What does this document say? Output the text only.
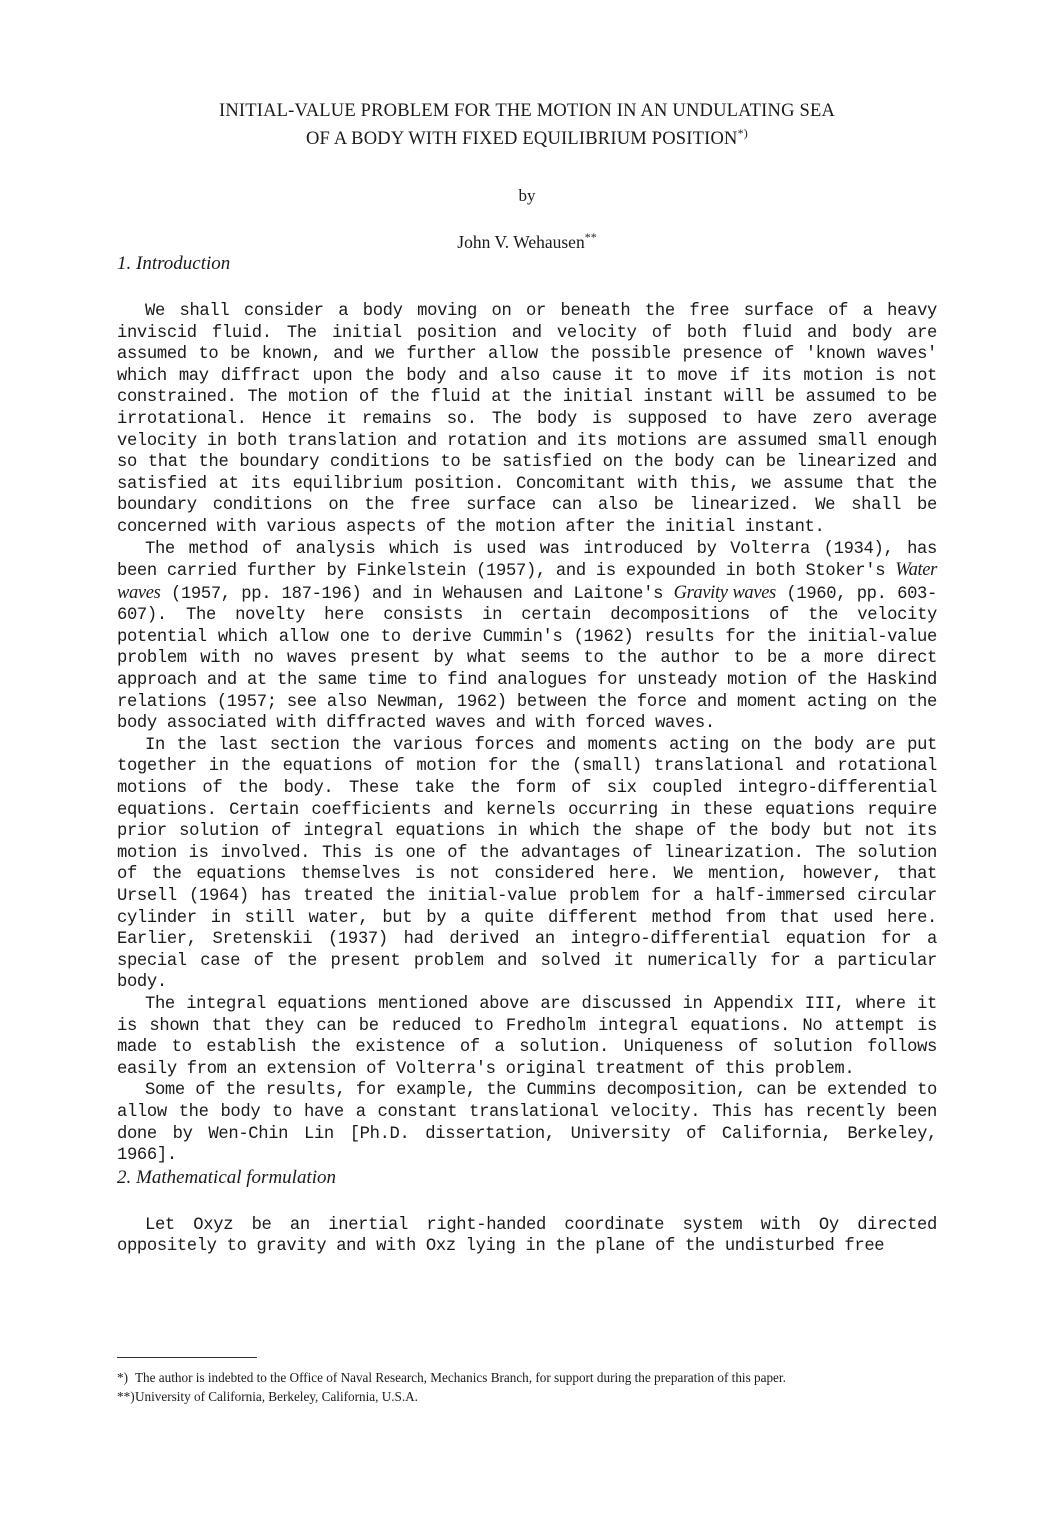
INITIAL-VALUE PROBLEM FOR THE MOTION IN AN UNDULATING SEA
OF A BODY WITH FIXED EQUILIBRIUM POSITION*)
by
John V. Wehausen**
1. Introduction

We shall consider a body moving on or beneath the free surface of a heavy inviscid fluid. The initial position and velocity of both fluid and body are assumed to be known, and we further allow the possible presence of 'known waves' which may diffract upon the body and also cause it to move if its motion is not constrained. The motion of the fluid at the initial instant will be assumed to be irrotational. Hence it remains so. The body is supposed to have zero average velocity in both translation and rotation and its motions are assumed small enough so that the boundary conditions to be satisfied on the body can be linearized and satisfied at its equilibrium position. Concomitant with this, we assume that the boundary conditions on the free surface can also be linearized. We shall be concerned with various aspects of the motion after the initial instant.

The method of analysis which is used was introduced by Volterra (1934), has been carried further by Finkelstein (1957), and is expounded in both Stoker's Water waves (1957, pp. 187-196) and in Wehausen and Laitone's Gravity waves (1960, pp. 603-607). The novelty here consists in certain decompositions of the velocity potential which allow one to derive Cummin's (1962) results for the initial-value problem with no waves present by what seems to the author to be a more direct approach and at the same time to find analogues for unsteady motion of the Haskind relations (1957; see also Newman, 1962) between the force and moment acting on the body associated with diffracted waves and with forced waves.

In the last section the various forces and moments acting on the body are put together in the equations of motion for the (small) translational and rotational motions of the body. These take the form of six coupled integro-differential equations. Certain coefficients and kernels occurring in these equations require prior solution of integral equations in which the shape of the body but not its motion is involved. This is one of the advantages of linearization. The solution of the equations themselves is not considered here. We mention, however, that Ursell (1964) has treated the initial-value problem for a half-immersed circular cylinder in still water, but by a quite different method from that used here. Earlier, Sretenskii (1937) had derived an integro-differential equation for a special case of the present problem and solved it numerically for a particular body.

The integral equations mentioned above are discussed in Appendix III, where it is shown that they can be reduced to Fredholm integral equations. No attempt is made to establish the existence of a solution. Uniqueness of solution follows easily from an extension of Volterra's original treatment of this problem.

Some of the results, for example, the Cummins decomposition, can be extended to allow the body to have a constant translational velocity. This has recently been done by Wen-Chin Lin [Ph.D. dissertation, University of California, Berkeley, 1966].

2. Mathematical formulation

Let Oxyz be an inertial right-handed coordinate system with Oy directed oppositely to gravity and with Oxz lying in the plane of the undisturbed free

*) The author is indebted to the Office of Naval Research, Mechanics Branch, for support during the preparation of this paper.

**)University of California, Berkeley, California, U.S.A.
